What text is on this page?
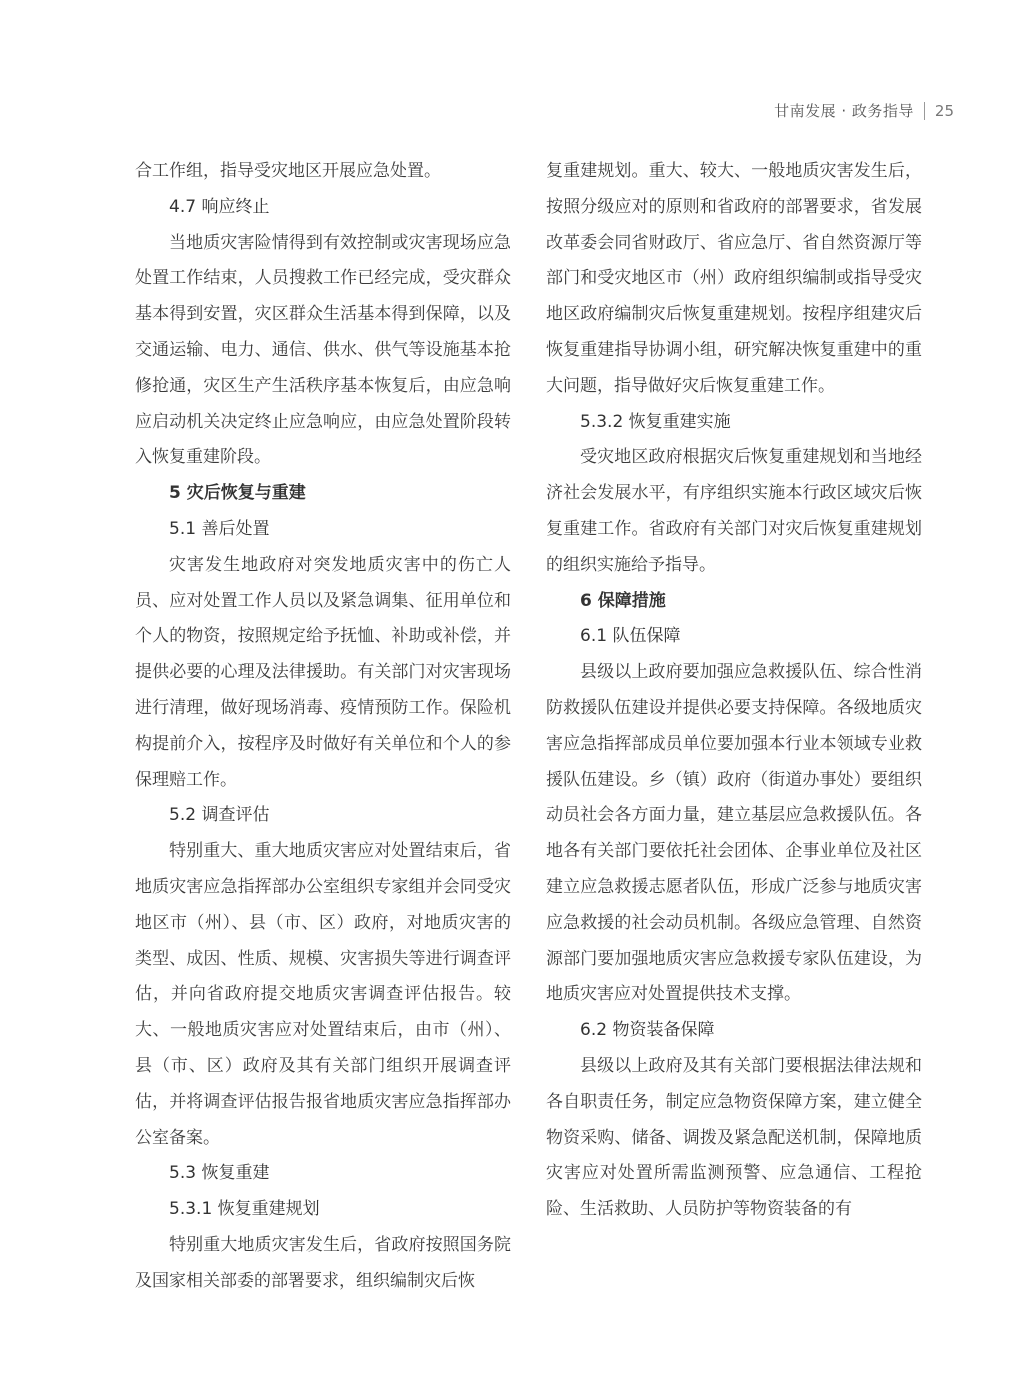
甘南发展 · 政务指导 25

合工作组，指导受灾地区开展应急处置。

4.7 响应终止

当地质灾害险情得到有效控制或灾害现场应急处置工作结束，人员搜救工作已经完成，受灾群众基本得到安置，灾区群众生活基本得到保障，以及交通运输、电力、通信、供水、供气等设施基本抢修抢通，灾区生产生活秩序基本恢复后，由应急响应启动机关决定终止应急响应，由应急处置阶段转入恢复重建阶段。

5 灾后恢复与重建

5.1 善后处置

灾害发生地政府对突发地质灾害中的伤亡人员、应对处置工作人员以及紧急调集、征用单位和个人的物资，按照规定给予抚恤、补助或补偿，并提供必要的心理及法律援助。有关部门对灾害现场进行清理，做好现场消毒、疫情预防工作。保险机构提前介入，按程序及时做好有关单位和个人的参保理赔工作。

5.2 调查评估

特别重大、重大地质灾害应对处置结束后，省地质灾害应急指挥部办公室组织专家组并会同受灾地区市（州）、县（市、区）政府，对地质灾害的类型、成因、性质、规模、灾害损失等进行调查评估，并向省政府提交地质灾害调查评估报告。较大、一般地质灾害应对处置结束后，由市（州）、县（市、区）政府及其有关部门组织开展调查评估，并将调查评估报告报省地质灾害应急指挥部办公室备案。

5.3 恢复重建

5.3.1 恢复重建规划

特别重大地质灾害发生后，省政府按照国务院及国家相关部委的部署要求，组织编制灾后恢

复重建规划。重大、较大、一般地质灾害发生后，按照分级应对的原则和省政府的部署要求，省发展改革委会同省财政厅、省应急厅、省自然资源厅等部门和受灾地区市（州）政府组织编制或指导受灾地区政府编制灾后恢复重建规划。按程序组建灾后恢复重建指导协调小组，研究解决恢复重建中的重大问题，指导做好灾后恢复重建工作。

5.3.2 恢复重建实施

受灾地区政府根据灾后恢复重建规划和当地经济社会发展水平，有序组织实施本行政区域灾后恢复重建工作。省政府有关部门对灾后恢复重建规划的组织实施给予指导。

6 保障措施

6.1 队伍保障

县级以上政府要加强应急救援队伍、综合性消防救援队伍建设并提供必要支持保障。各级地质灾害应急指挥部成员单位要加强本行业本领域专业救援队伍建设。乡（镇）政府（街道办事处）要组织动员社会各方面力量，建立基层应急救援队伍。各地各有关部门要依托社会团体、企事业单位及社区建立应急救援志愿者队伍，形成广泛参与地质灾害应急救援的社会动员机制。各级应急管理、自然资源部门要加强地质灾害应急救援专家队伍建设，为地质灾害应对处置提供技术支撑。

6.2 物资装备保障

县级以上政府及其有关部门要根据法律法规和各自职责任务，制定应急物资保障方案，建立健全物资采购、储备、调拨及紧急配送机制，保障地质灾害应对处置所需监测预警、应急通信、工程抢险、生活救助、人员防护等物资装备的有
